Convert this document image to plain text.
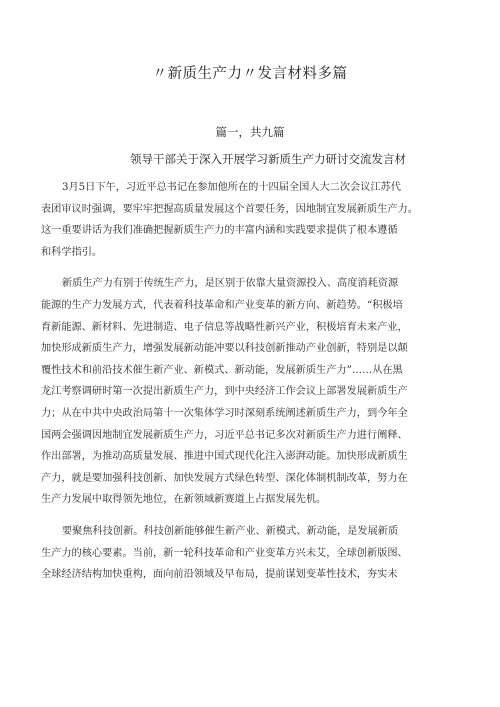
〃新质生产力〃发言材料多篇
篇一，共九篇
领导干部关于深入开展学习新质生产力研讨交流发言材
3月5日下午，习近平总书记在参加他所在的十四届全国人大二次会议江苏代
表团审议时强调，要牢牢把握高质量发展这个首要任务，因地制宜发展新质生产力。
这一重要讲话为我们准确把握新质生产力的丰富内涵和实践要求提供了根本遵循
和科学指引。
新质生产力有别于传统生产力，是区别于依靠大量资源投入、高度消耗资源
能源的生产力发展方式，代表着科技革命和产业变革的新方向、新趋势。“积极培
育新能源、新材料、先进制造、电子信息等战略性新兴产业，积极培育未来产业，
加快形成新质生产力，增强发展新动能冲要以科技创新推动产业创新，特别是以颠
覆性技术和前沿技术催生新产业、新模式、新动能，发展新质生产力”……从在黑
龙江考察调研时第一次提出新质生产力，到中央经济工作会议上部署发展新质生产
力；从在中共中央政治局第十一次集体学习时深刻系统阐述新质生产力，到今年全
国两会强调因地制宜发展新质生产力，习近平总书记多次对新质生产力进行阐释、
作出部署，为推动高质量发展、推进中国式现代化注入澎湃动能。加快形成新质生
产力，就是要加强科技创新、加快发展方式绿色转型、深化体制机制改革，努力在
生产力发展中取得领先地位，在新领域新赛道上占据发展先机。
要聚焦科技创新。科技创新能够催生新产业、新模式、新动能，是发展新质
生产力的核心要素。当前，新一轮科技革命和产业变革方兴未艾，全球创新版图、
全球经济结构加快重构，面向前沿领域及早布局，提前谋划变革性技术，夯实未
